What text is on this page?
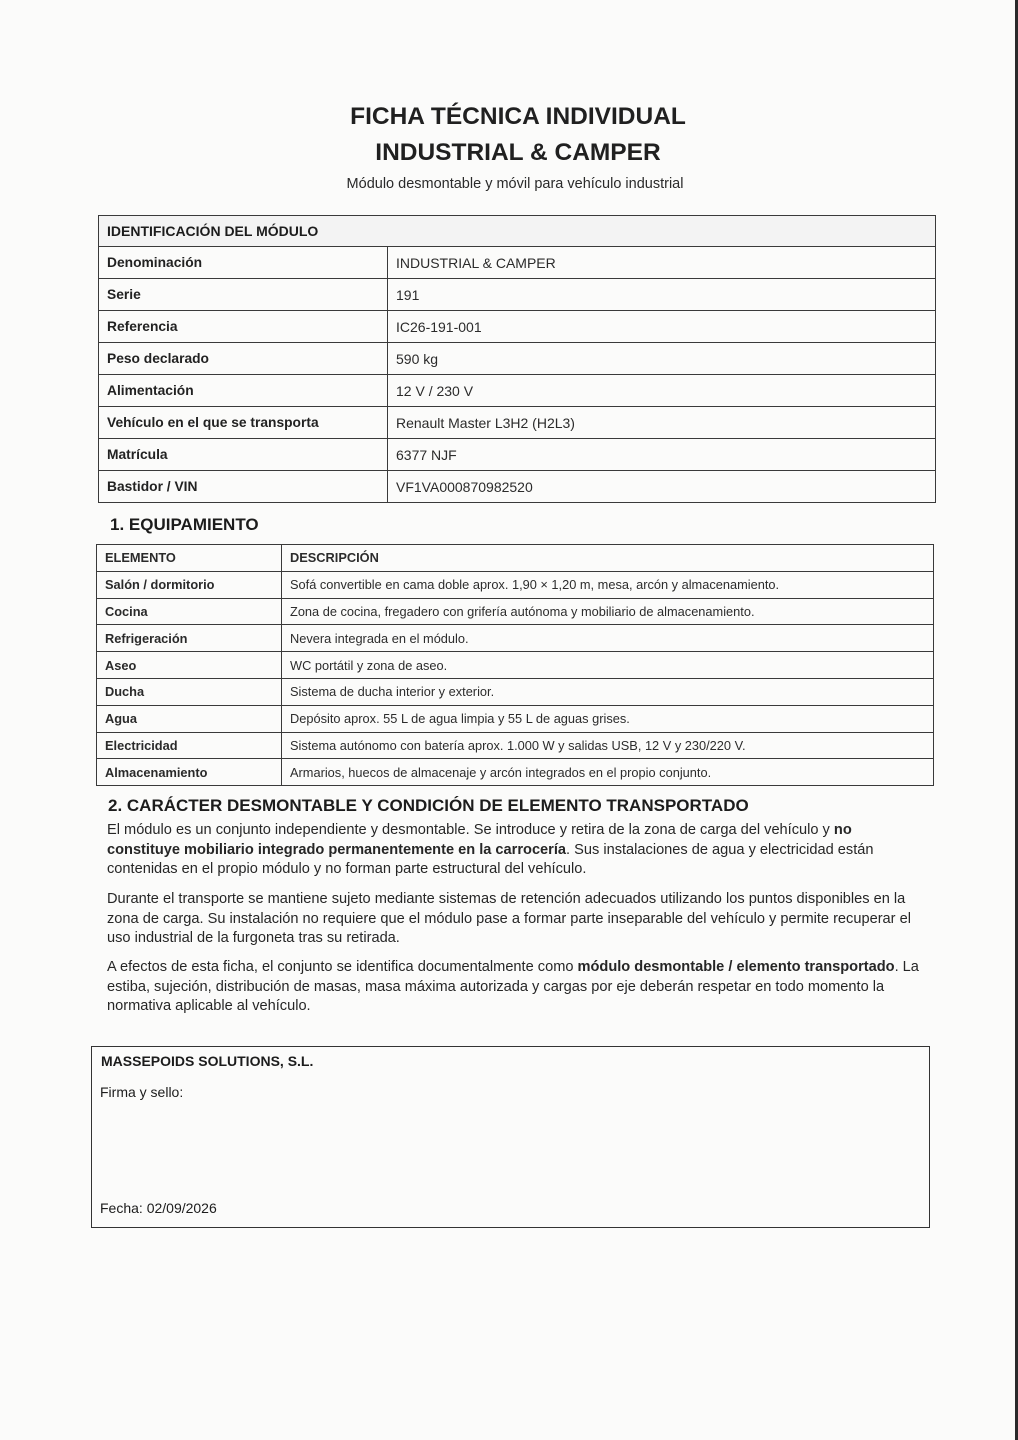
FICHA TÉCNICA INDIVIDUAL
INDUSTRIAL & CAMPER
Módulo desmontable y móvil para vehículo industrial
IDENTIFICACIÓN DEL MÓDULO	
Denominación	INDUSTRIAL & CAMPER
Serie	191
Referencia	IC26-191-001
Peso declarado	590 kg
Alimentación	12 V / 230 V
Vehículo en el que se transporta	Renault Master L3H2 (H2L3)
Matrícula	6377 NJF
Bastidor / VIN	VF1VA000870982520
1. EQUIPAMIENTO
ELEMENTO	DESCRIPCIÓN
Salón / dormitorio	Sofá convertible en cama doble aprox. 1,90 × 1,20 m, mesa, arcón y almacenamiento.
Cocina	Zona de cocina, fregadero con grifería autónoma y mobiliario de almacenamiento.
Refrigeración	Nevera integrada en el módulo.
Aseo	WC portátil y zona de aseo.
Ducha	Sistema de ducha interior y exterior.
Agua	Depósito aprox. 55 L de agua limpia y 55 L de aguas grises.
Electricidad	Sistema autónomo con batería aprox. 1.000 W y salidas USB, 12 V y 230/220 V.
Almacenamiento	Armarios, huecos de almacenaje y arcón integrados en el propio conjunto.
2. CARÁCTER DESMONTABLE Y CONDICIÓN DE ELEMENTO TRANSPORTADO
El módulo es un conjunto independiente y desmontable. Se introduce y retira de la zona de carga del vehículo y no constituye mobiliario integrado permanentemente en la carrocería. Sus instalaciones de agua y electricidad están contenidas en el propio módulo y no forman parte estructural del vehículo.
Durante el transporte se mantiene sujeto mediante sistemas de retención adecuados utilizando los puntos disponibles en la zona de carga. Su instalación no requiere que el módulo pase a formar parte inseparable del vehículo y permite recuperar el uso industrial de la furgoneta tras su retirada.
A efectos de esta ficha, el conjunto se identifica documentalmente como módulo desmontable / elemento transportado. La estiba, sujeción, distribución de masas, masa máxima autorizada y cargas por eje deberán respetar en todo momento la normativa aplicable al vehículo.
MASSEPOIDS SOLUTIONS, S.L.
Firma y sello:
Fecha: 02/09/2026
